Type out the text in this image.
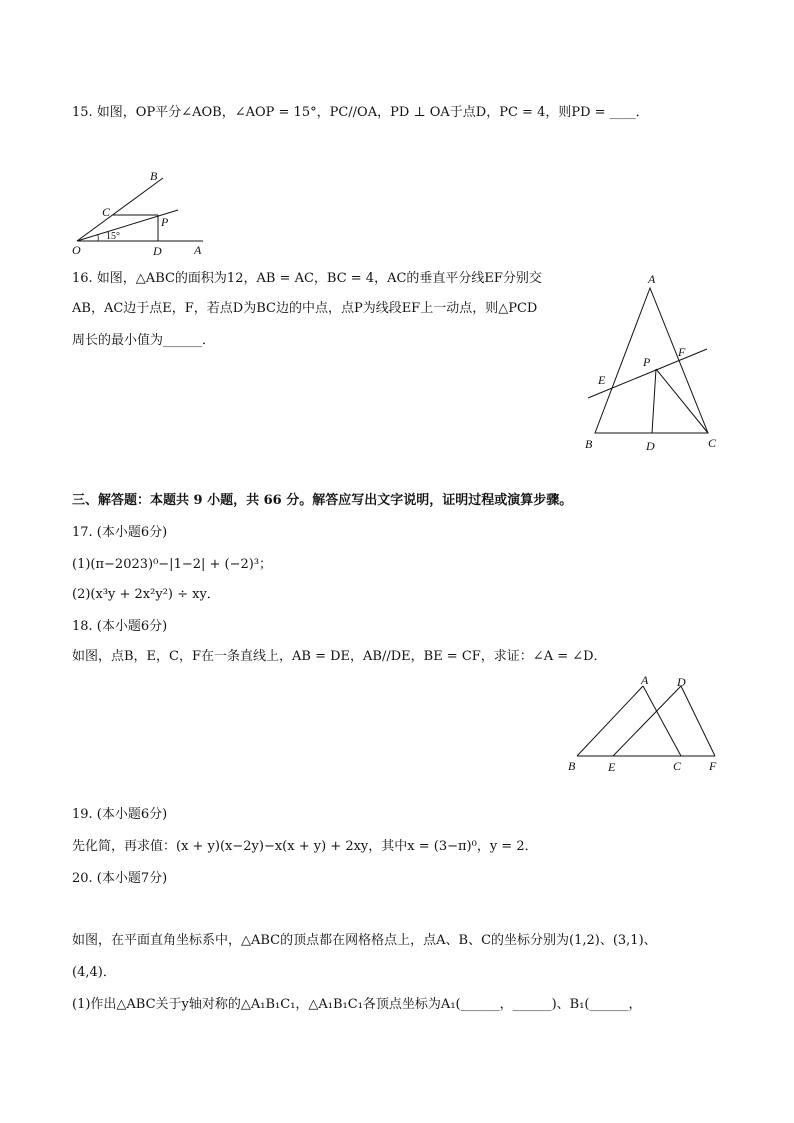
15. 如图，OP平分∠AOB，∠AOP = 15°，PC//OA，PD ⊥ OA于点D，PC = 4，则PD = ____．
B
C
P
O	D	A
15°
16. 如图，△ABC的面积为12，AB = AC，BC = 4，AC的垂直平分线EF分别交
AB，AC边于点E，F，若点D为BC边的中点，点P为线段EF上一动点，则△PCD
周长的最小值为______．
A
P
F
E
B	D	C
三、解答题：本题共 9 小题，共 66 分。解答应写出文字说明，证明过程或演算步骤。
17. (本小题6分)
(1)(π−2023)⁰−|1−2| + (−2)³；
(2)(x³y + 2x²y²) ÷ xy．
18. (本小题6分)
如图，点B，E，C，F在一条直线上，AB = DE，AB//DE，BE = CF，求证：∠A = ∠D．
A D
B	E	C F
19. (本小题6分)
先化简，再求值：(x + y)(x−2y)−x(x + y) + 2xy，其中x = (3−π)⁰，y = 2．
20. (本小题7分)
如图，在平面直角坐标系中，△ABC的顶点都在网格格点上，点A、B、C的坐标分别为(1,2)、(3,1)、
(4,4)．
(1)作出△ABC关于y轴对称的△A₁B₁C₁，△A₁B₁C₁各顶点坐标为A₁(______，______)、B₁(______，
